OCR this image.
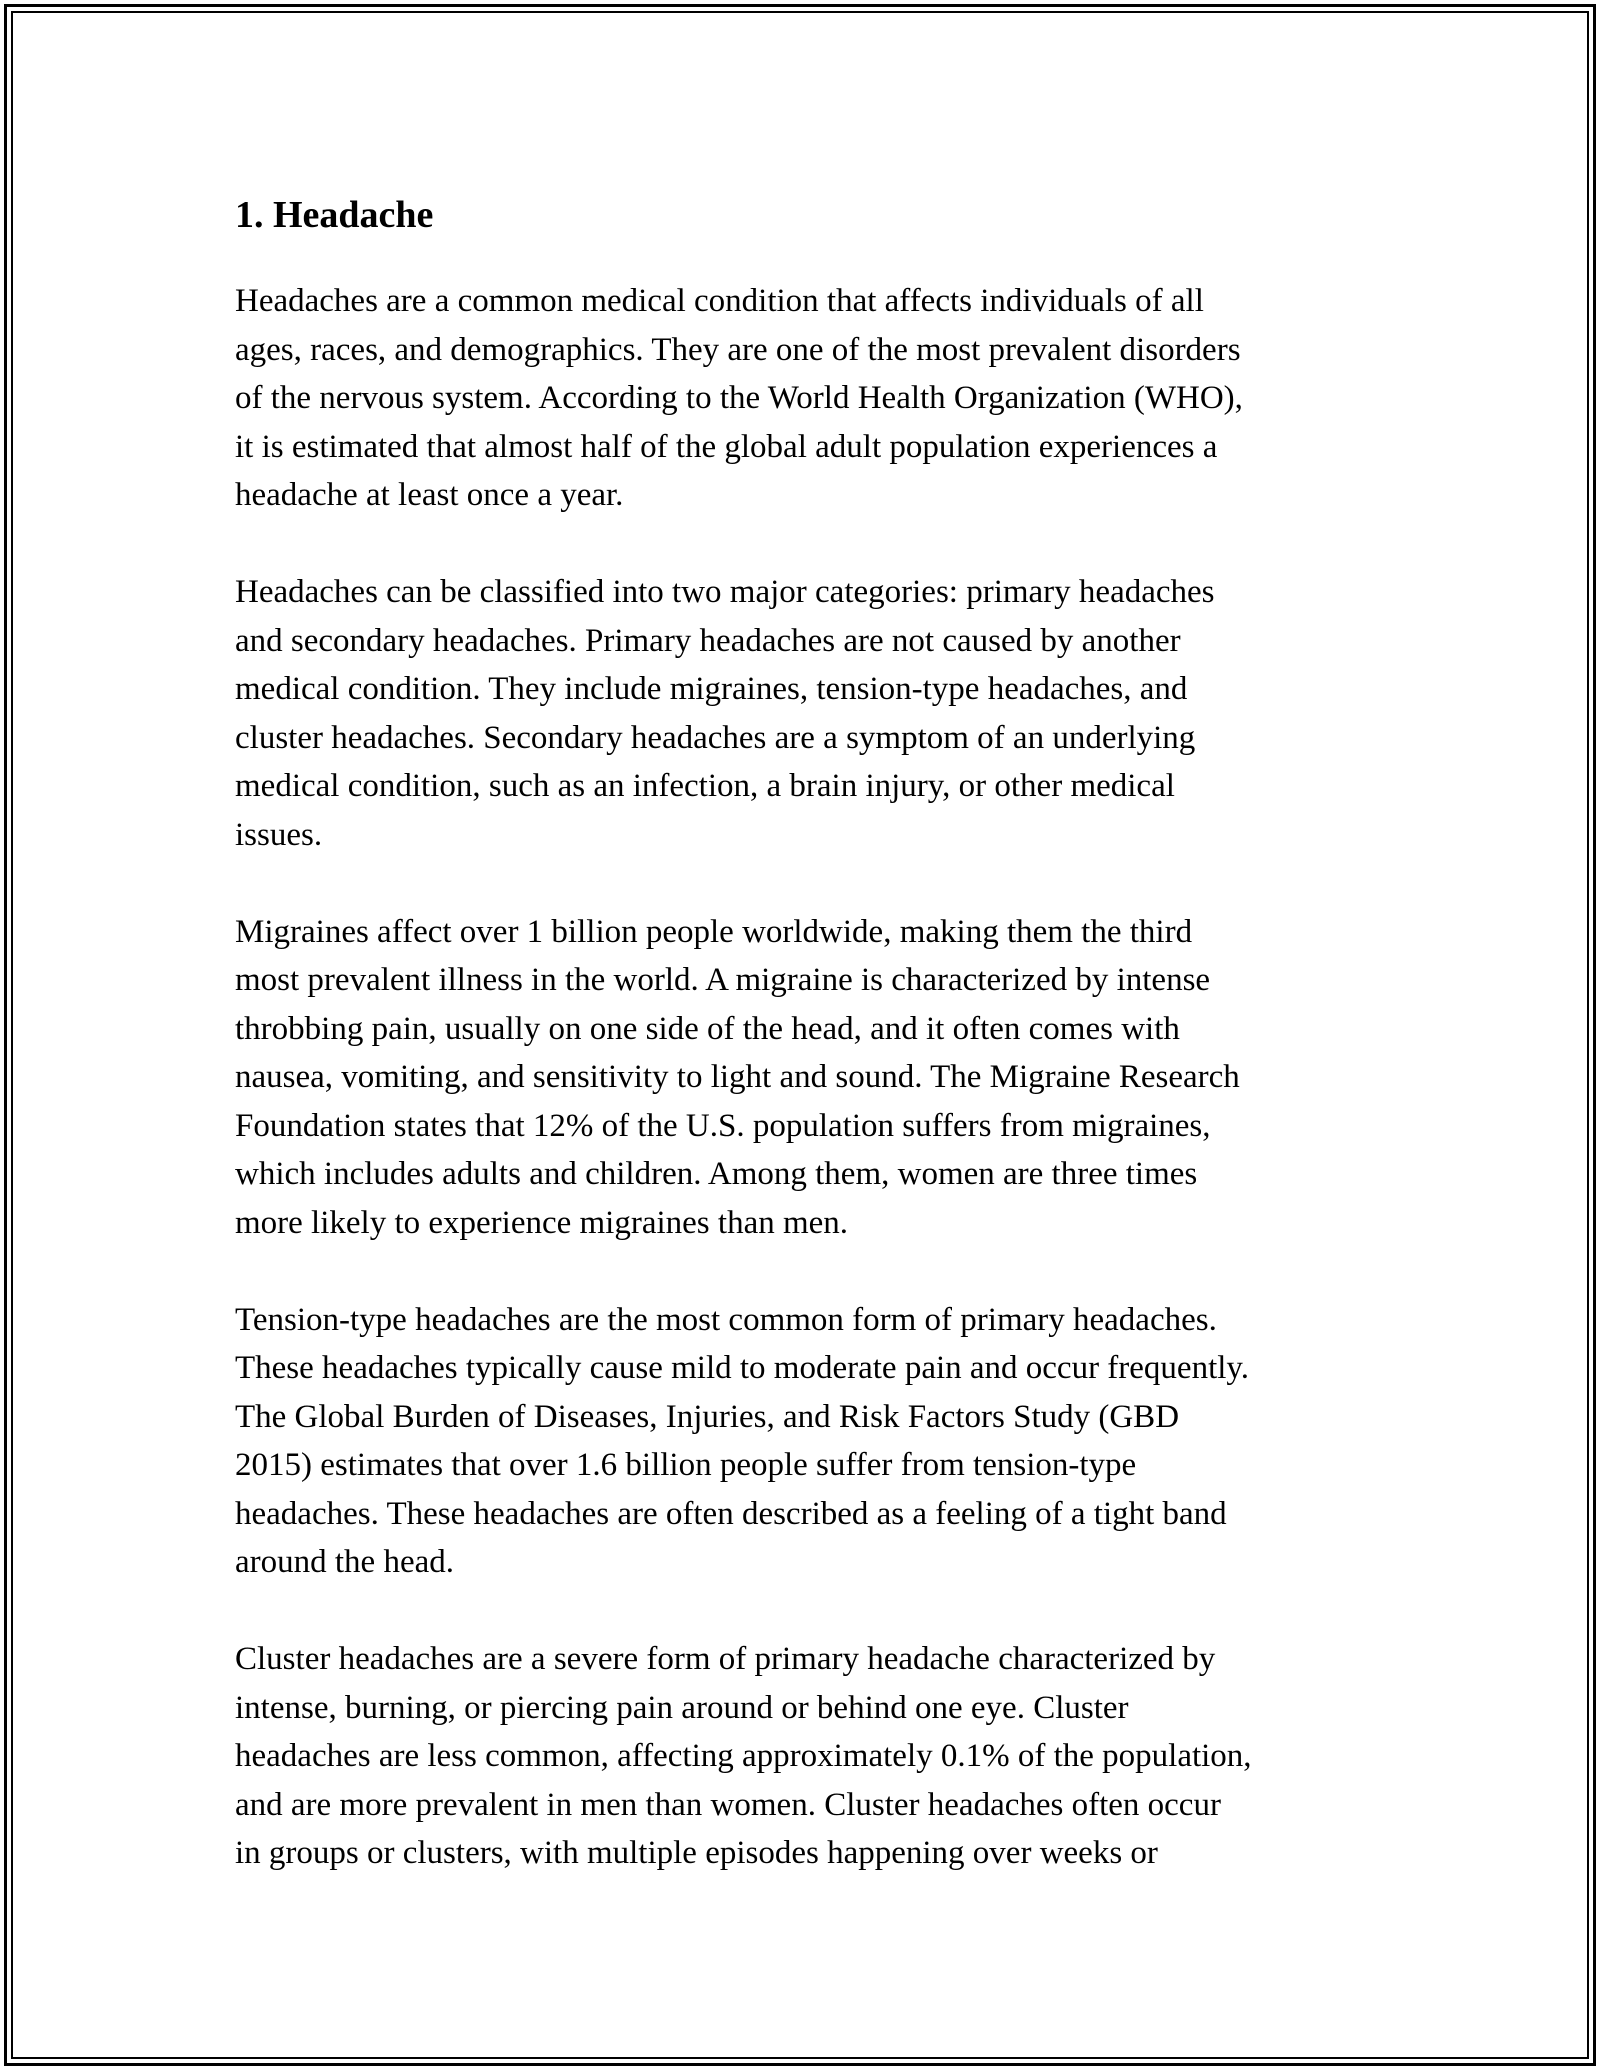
1. Headache

Headaches are a common medical condition that affects individuals of all
ages, races, and demographics. They are one of the most prevalent disorders
of the nervous system. According to the World Health Organization (WHO),
it is estimated that almost half of the global adult population experiences a
headache at least once a year.

Headaches can be classified into two major categories: primary headaches
and secondary headaches. Primary headaches are not caused by another
medical condition. They include migraines, tension-type headaches, and
cluster headaches. Secondary headaches are a symptom of an underlying
medical condition, such as an infection, a brain injury, or other medical
issues.

Migraines affect over 1 billion people worldwide, making them the third
most prevalent illness in the world. A migraine is characterized by intense
throbbing pain, usually on one side of the head, and it often comes with
nausea, vomiting, and sensitivity to light and sound. The Migraine Research
Foundation states that 12% of the U.S. population suffers from migraines,
which includes adults and children. Among them, women are three times
more likely to experience migraines than men.

Tension-type headaches are the most common form of primary headaches.
These headaches typically cause mild to moderate pain and occur frequently.
The Global Burden of Diseases, Injuries, and Risk Factors Study (GBD
2015) estimates that over 1.6 billion people suffer from tension-type
headaches. These headaches are often described as a feeling of a tight band
around the head.

Cluster headaches are a severe form of primary headache characterized by
intense, burning, or piercing pain around or behind one eye. Cluster
headaches are less common, affecting approximately 0.1% of the population,
and are more prevalent in men than women. Cluster headaches often occur
in groups or clusters, with multiple episodes happening over weeks or
